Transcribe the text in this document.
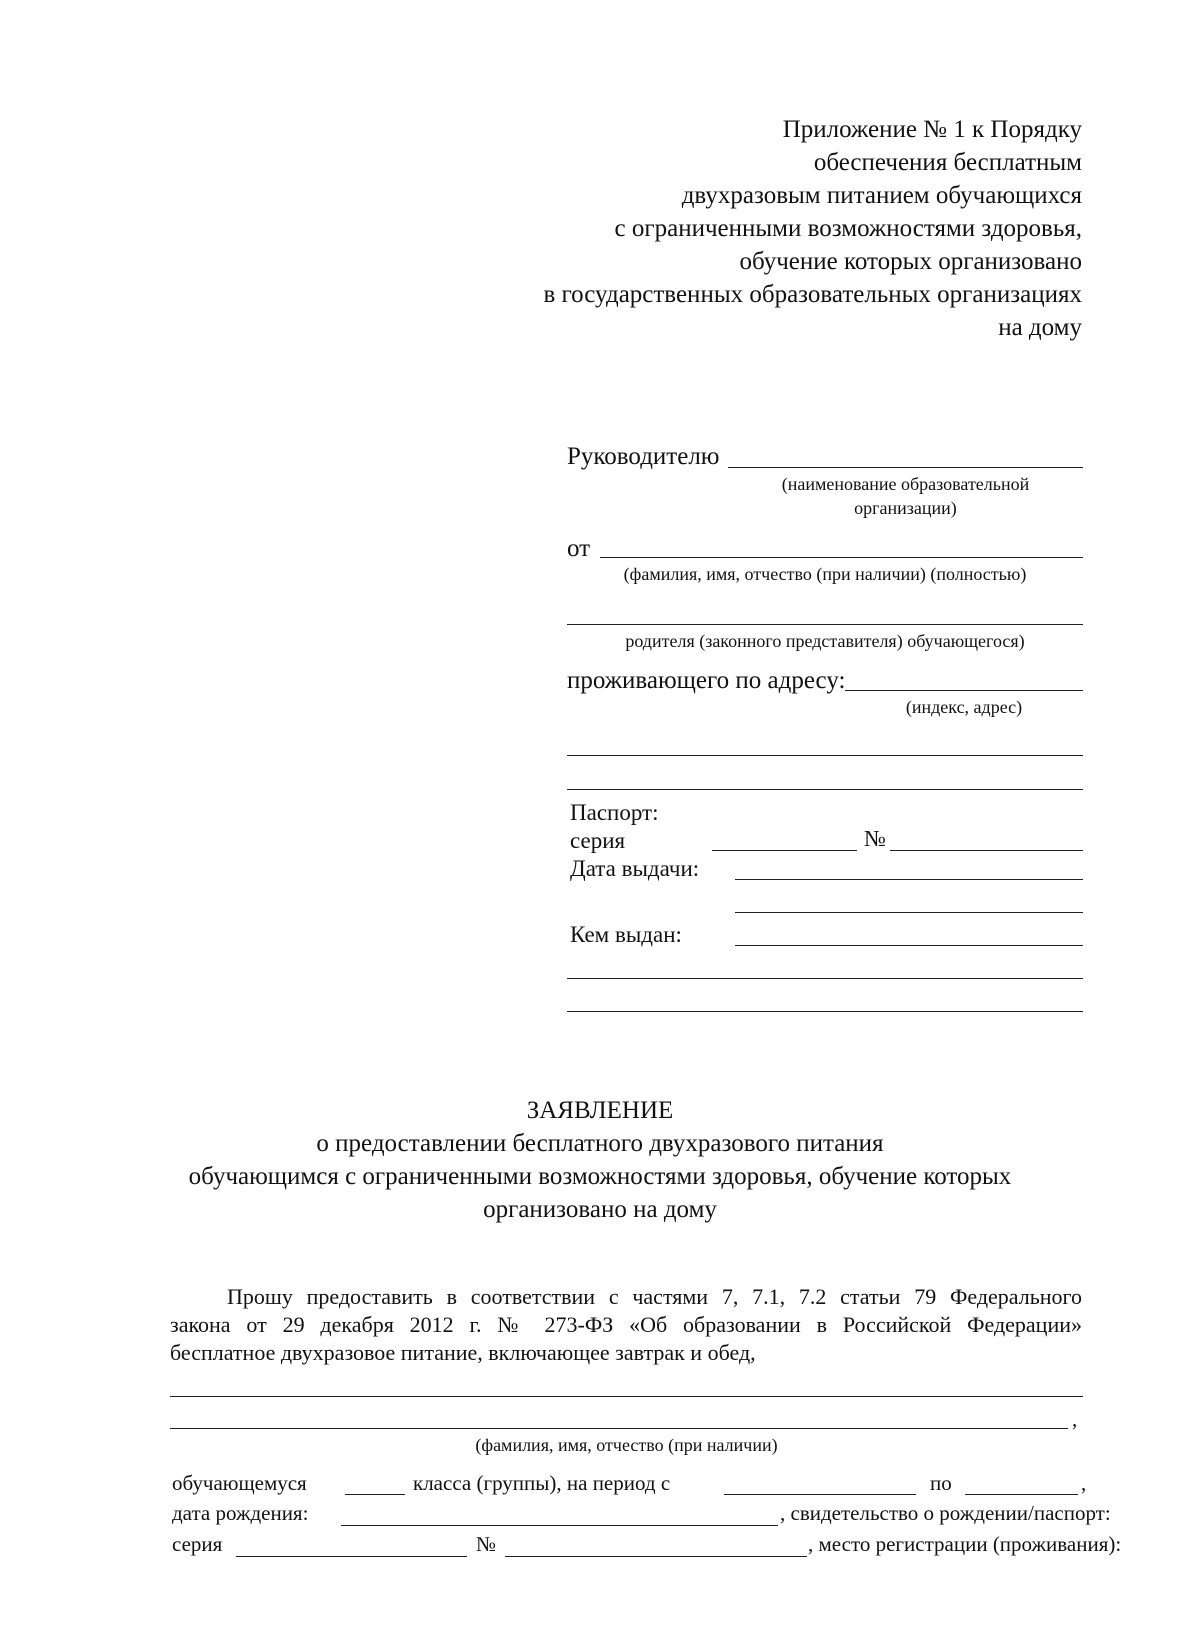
Приложение № 1 к Порядку
обеспечения бесплатным
двухразовым питанием обучающихся
с ограниченными возможностями здоровья,
обучение которых организовано
в государственных образовательных организациях
на дому
Руководителю
(наименование образовательной
организации)
от
(фамилия, имя, отчество (при наличии) (полностью)
родителя (законного представителя) обучающегося)
проживающего по адресу:
(индекс, адрес)
Паспорт:
серия	№
Дата выдачи:
Кем выдан:
ЗАЯВЛЕНИЕ
о предоставлении бесплатного двухразового питания
обучающимся с ограниченными возможностями здоровья, обучение которых
организовано на дому
Прошу предоставить в соответствии с частями 7, 7.1, 7.2 статьи 79 Федерального
закона от 29 декабря 2012 г. № 273-ФЗ «Об образовании в Российской Федерации»
бесплатное двухразовое питание, включающее завтрак и обед,
,
(фамилия, имя, отчество (при наличии)
обучающемуся	класса (группы), на период с	по	,
дата рождения:	, свидетельство о рождении/паспорт:
серия	№	, место регистрации (проживания):
